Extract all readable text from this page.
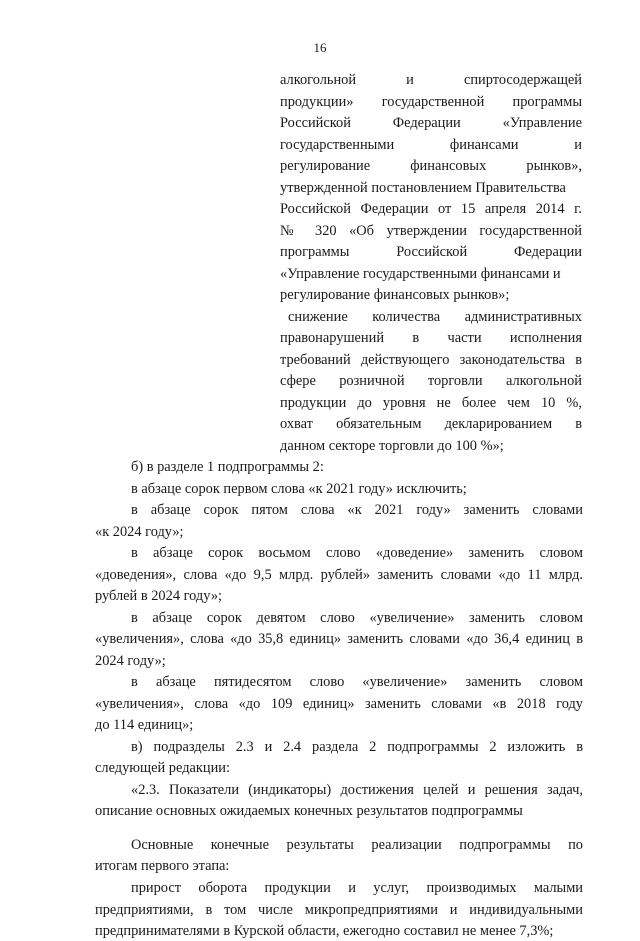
16

алкогольной и спиртосодержащей

продукции» государственной программы

Российской Федерации «Управление

государственными финансами и

регулирование финансовых рынков»,

утвержденной постановлением Правительства

Российской Федерации от 15 апреля 2014 г.

№ 320 «Об утверждении государственной

программы Российской Федерации

«Управление государственными финансами и

регулирование финансовых рынков»;

снижение количества административных

правонарушений в части исполнения

требований действующего законодательства в

сфере розничной торговли алкогольной

продукции до уровня не более чем 10 %,

охват обязательным декларированием в

данном секторе торговли до 100 %»;

б) в разделе 1 подпрограммы 2:

в абзаце сорок первом слова «к 2021 году» исключить;

в абзаце сорок пятом слова «к 2021 году» заменить словами

«к 2024 году»;

в абзаце сорок восьмом слово «доведение» заменить словом

«доведения», слова «до 9,5 млрд. рублей» заменить словами «до 11 млрд.

рублей в 2024 году»;

в абзаце сорок девятом слово «увеличение» заменить словом

«увеличения», слова «до 35,8 единиц» заменить словами «до 36,4 единиц в

2024 году»;

в абзаце пятидесятом слово «увеличение» заменить словом

«увеличения», слова «до 109 единиц» заменить словами «в 2018 году

до 114 единиц»;

в) подразделы 2.3 и 2.4 раздела 2 подпрограммы 2 изложить в

следующей редакции:

«2.3. Показатели (индикаторы) достижения целей и решения задач,

описание основных ожидаемых конечных результатов подпрограммы

Основные конечные результаты реализации подпрограммы по

итогам первого этапа:

прирост оборота продукции и услуг, производимых малыми

предприятиями, в том числе микропредприятиями и индивидуальными

предпринимателями в Курской области, ежегодно составил не менее 7,3%;
